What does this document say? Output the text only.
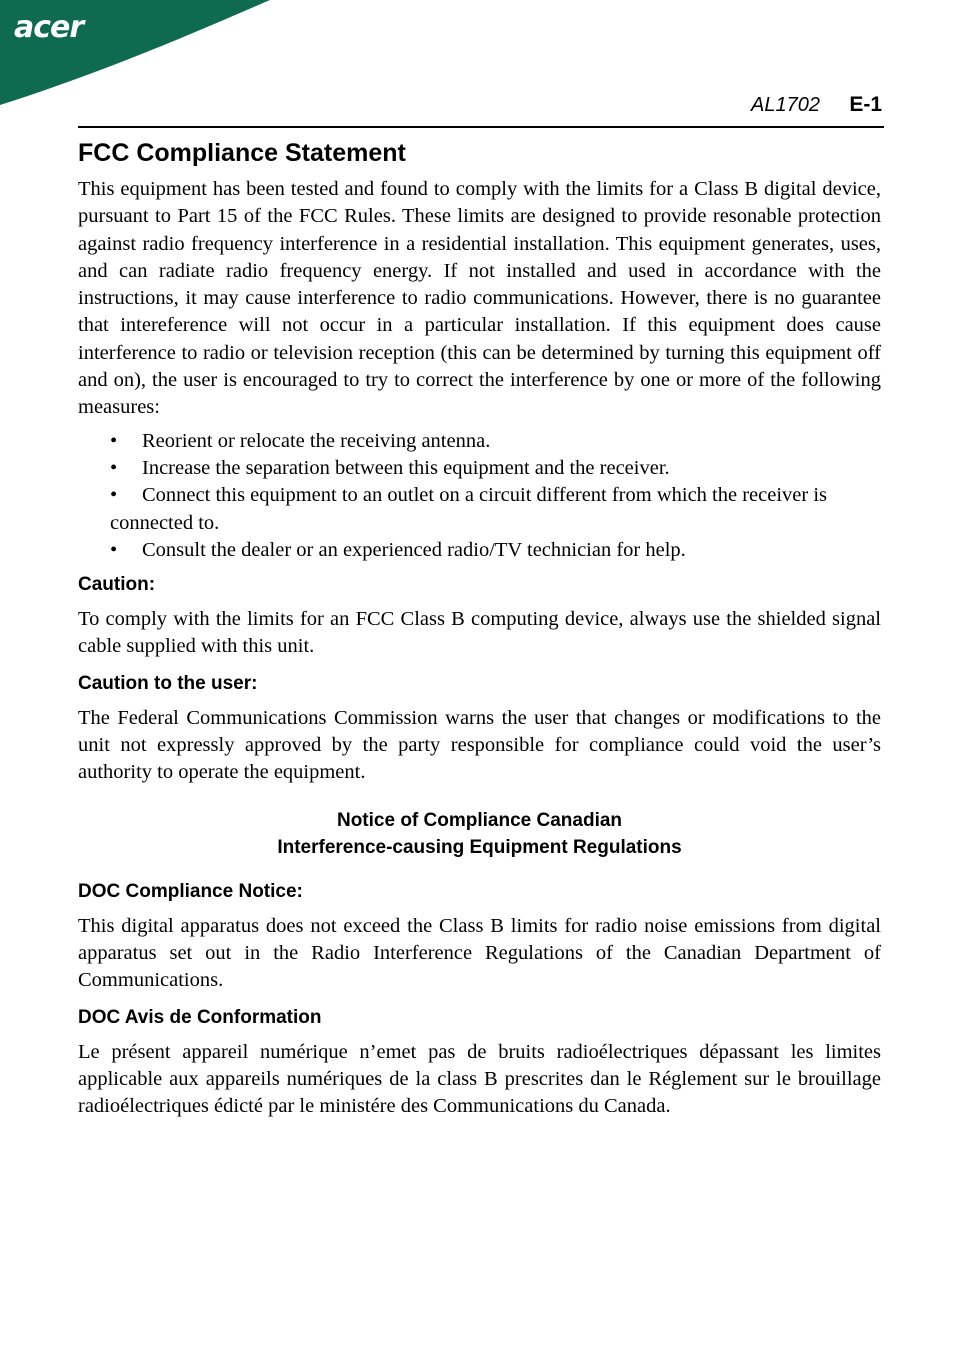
acer
AL1702 E-1
FCC Compliance Statement

This equipment has been tested and found to comply with the limits for a Class B digital device, pursuant to Part 15 of the FCC Rules. These limits are designed to provide resonable protection against radio frequency interference in a residential installation. This equipment generates, uses, and can radiate radio frequency energy. If not installed and used in accordance with the instructions, it may cause interference to radio communications. However, there is no guarantee that intereference will not occur in a particular installation. If this equipment does cause interference to radio or television reception (this can be determined by turning this equipment off and on), the user is encouraged to try to correct the interference by one or more of the following measures:

• Reorient or relocate the receiving antenna.
• Increase the separation between this equipment and the receiver.
• Connect this equipment to an outlet on a circuit different from which the receiver is connected to.
• Consult the dealer or an experienced radio/TV technician for help.
Caution:

To comply with the limits for an FCC Class B computing device, always use the shielded signal cable supplied with this unit.

Caution to the user:

The Federal Communications Commission warns the user that changes or modifications to the unit not expressly approved by the party responsible for compliance could void the user’s authority to operate the equipment.

Notice of Compliance Canadian
Interference-causing Equipment Regulations
DOC Compliance Notice:

This digital apparatus does not exceed the Class B limits for radio noise emissions from digital apparatus set out in the Radio Interference Regulations of the Canadian Department of Communications.

DOC Avis de Conformation

Le présent appareil numérique n’emet pas de bruits radioélectriques dépassant les limites applicable aux appareils numériques de la class B prescrites dan le Réglement sur le brouillage radioélectriques édicté par le ministére des Communications du Canada.
